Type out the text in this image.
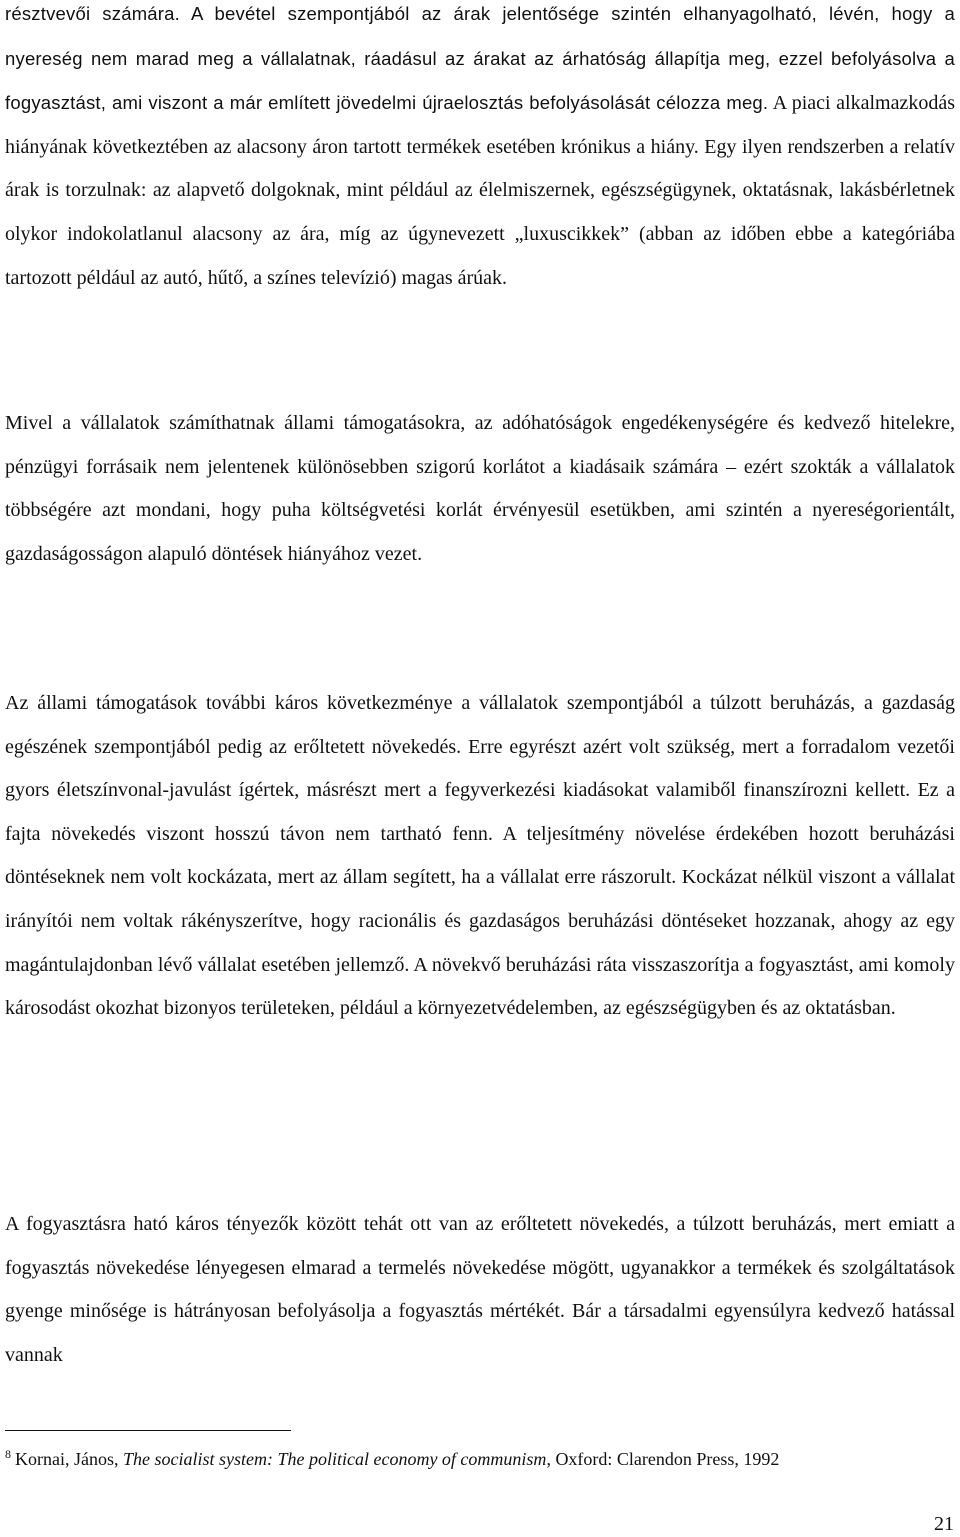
résztvevői számára. A bevétel szempontjából az árak jelentősége szintén elhanyagolható, lévén, hogy a nyereség nem marad meg a vállalatnak, ráadásul az árakat az árhatóság állapítja meg, ezzel befolyásolva a fogyasztást, ami viszont a már említett jövedelmi újraelosztás befolyásolását célozza meg. A piaci alkalmazkodás hiányának következtében az alacsony áron tartott termékek esetében krónikus a hiány. Egy ilyen rendszerben a relatív árak is torzulnak: az alapvető dolgoknak, mint például az élelmiszernek, egészségügynek, oktatásnak, lakásbérletnek olykor indokolatlanul alacsony az ára, míg az úgynevezett „luxuscikkek” (abban az időben ebbe a kategóriába tartozott például az autó, hűtő, a színes televízió) magas árúak.

Mivel a vállalatok számíthatnak állami támogatásokra, az adóhatóságok engedékenységére és kedvező hitelekre, pénzügyi forrásaik nem jelentenek különösebben szigorú korlátot a kiadásaik számára – ezért szokták a vállalatok többségére azt mondani, hogy puha költségvetési korlát érvényesül esetükben, ami szintén a nyereségorientált, gazdaságosságon alapuló döntések hiányához vezet.

Az állami támogatások további káros következménye a vállalatok szempontjából a túlzott beruházás, a gazdaság egészének szempontjából pedig az erőltetett növekedés. Erre egyrészt azért volt szükség, mert a forradalom vezetői gyors életszínvonal-javulást ígértek, másrészt mert a fegyverkezési kiadásokat valamiből finanszírozni kellett. Ez a fajta növekedés viszont hosszú távon nem tartható fenn. A teljesítmény növelése érdekében hozott beruházási döntéseknek nem volt kockázata, mert az állam segített, ha a vállalat erre rászorult. Kockázat nélkül viszont a vállalat irányítói nem voltak rákényszerítve, hogy racionális és gazdaságos beruházási döntéseket hozzanak, ahogy az egy magántulajdonban lévő vállalat esetében jellemző. A növekvő beruházási ráta visszaszorítja a fogyasztást, ami komoly károsodást okozhat bizonyos területeken, például a környezetvédelemben, az egészségügyben és az oktatásban.

A fogyasztásra ható káros tényezők között tehát ott van az erőltetett növekedés, a túlzott beruházás, mert emiatt a fogyasztás növekedése lényegesen elmarad a termelés növekedése mögött, ugyanakkor a termékek és szolgáltatások gyenge minősége is hátrányosan befolyásolja a fogyasztás mértékét. Bár a társadalmi egyensúlyra kedvező hatással vannak

$^8$ Kornai, János, The socialist system: The political economy of communism, Oxford: Clarendon Press, 1992
21
